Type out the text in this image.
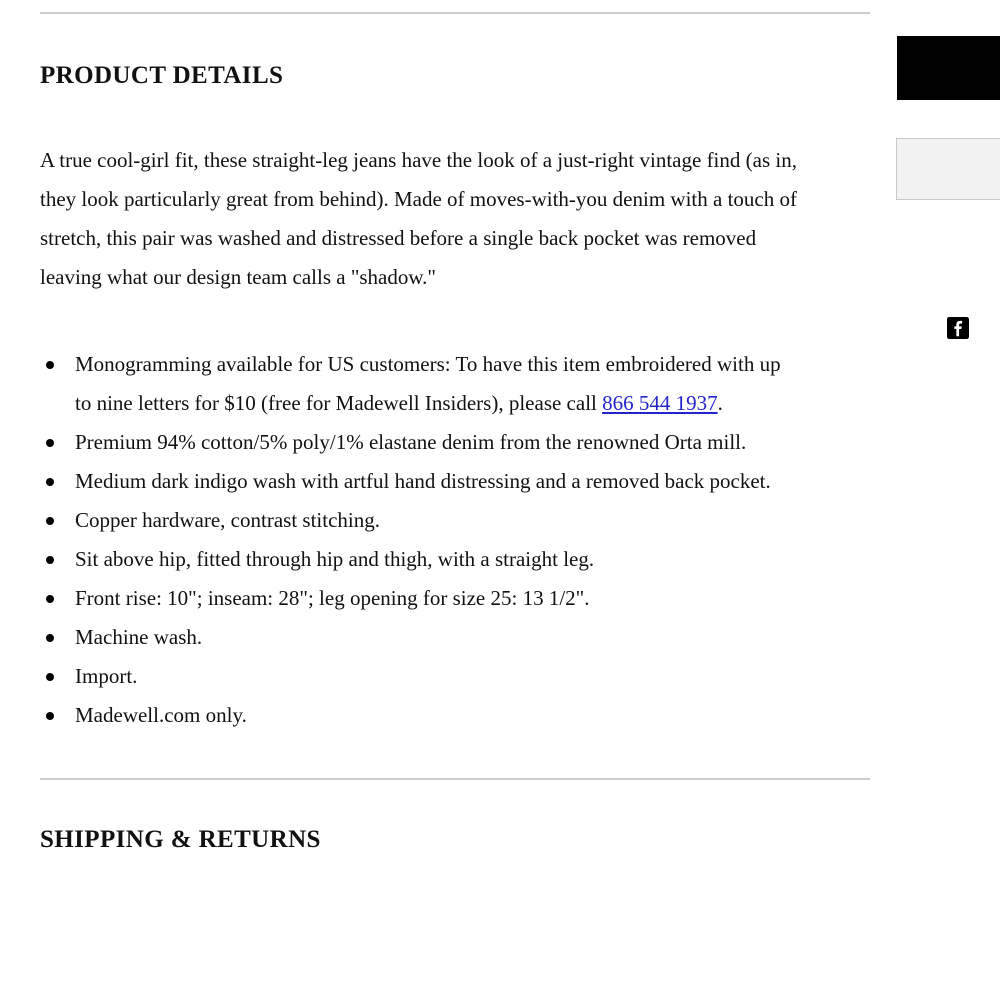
PRODUCT DETAILS

A true cool-girl fit, these straight-leg jeans have the look of a just-right vintage find (as in, they look particularly great from behind). Made of moves-with-you denim with a touch of stretch, this pair was washed and distressed before a single back pocket was removed leaving what our design team calls a "shadow."

Monogramming available for US customers: To have this item embroidered with up to nine letters for $10 (free for Madewell Insiders), please call 866 544 1937.
Premium 94% cotton/5% poly/1% elastane denim from the renowned Orta mill.
Medium dark indigo wash with artful hand distressing and a removed back pocket.
Copper hardware, contrast stitching.
Sit above hip, fitted through hip and thigh, with a straight leg.
Front rise: 10"; inseam: 28"; leg opening for size 25: 13 1/2".
Machine wash.
Import.
Madewell.com only.
SHIPPING & RETURNS
